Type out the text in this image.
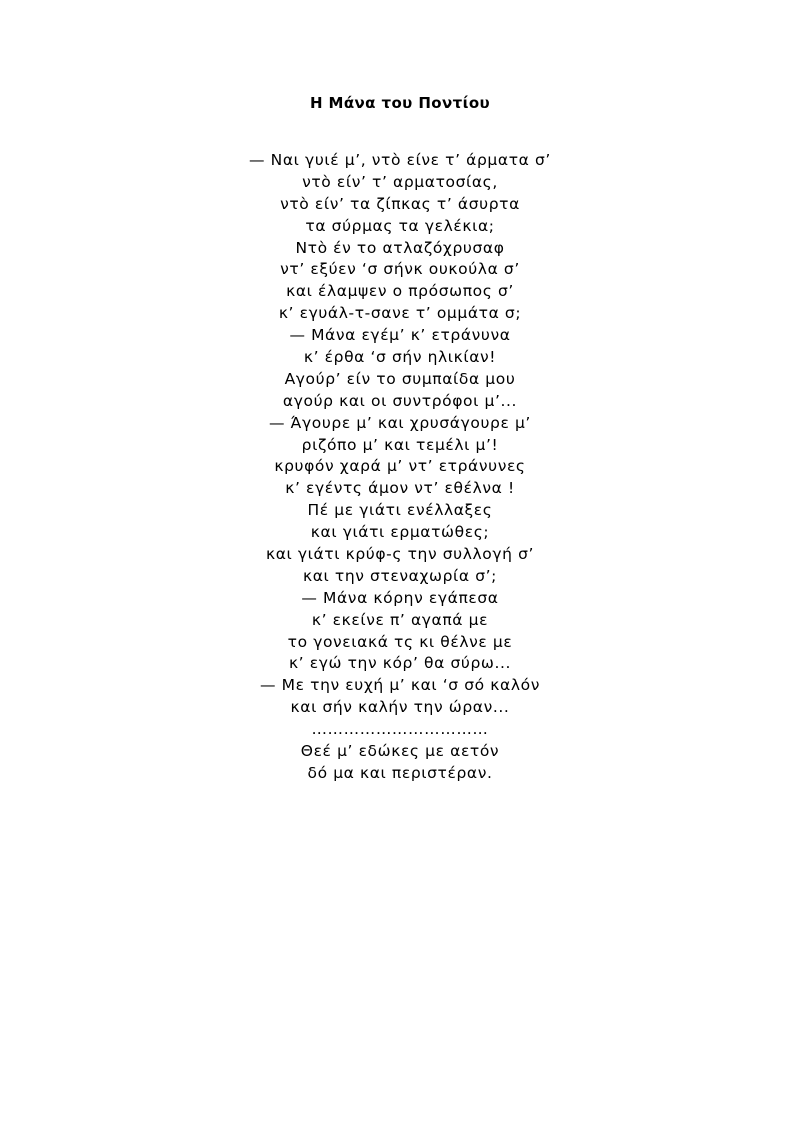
Η Μάνα του Ποντίου
— Ναι γυιέ μ’, ντὸ είνε τ’ άρματα σ’
ντὸ είν’ τ’ αρματοσίας,
ντὸ είν’ τα ζίπκας τ’ άσυρτα
τα σύρμας τα γελέκια;
Ντὸ έν το ατλαζόχρυσαφ
ντ’ εξύεν ‘σ σήνκ ουκούλα σ’
και έλαμψεν ο πρόσωπος σ’
κ’ εγυάλ-τ-σανε τ’ ομμάτα σ;
— Μάνα εγέμ’ κ’ ετράνυνα
κ’ έρθα ‘σ σήν ηλικίαν!
Αγούρ’ είν το συμπαίδα μου
αγούρ και οι συντρόφοι μ’...
— Άγουρε μ’ και χρυσάγουρε μ’
ριζόπο μ’ και τεμέλι μ’!
κρυφόν χαρά μ’ ντ’ ετράνυνες
κ’ εγέντς άμον ντ’ εθέλνα !
Πέ με γιάτι ενέλλαξες
και γιάτι ερματώθες;
και γιάτι κρύφ-ς την συλλογή σ’
και την στεναχωρία σ’;
— Μάνα κόρην εγάπεσα
κ’ εκείνε π’ αγαπά με
το γονειακά τς κι θέλνε με
κ’ εγώ την κόρ’ θα σύρω...
— Με την ευχή μ’ και ‘σ σό καλόν
και σήν καλήν την ώραν...
……………………………
Θεέ μ’ εδώκες με αετόν
δό μα και περιστέραν.
